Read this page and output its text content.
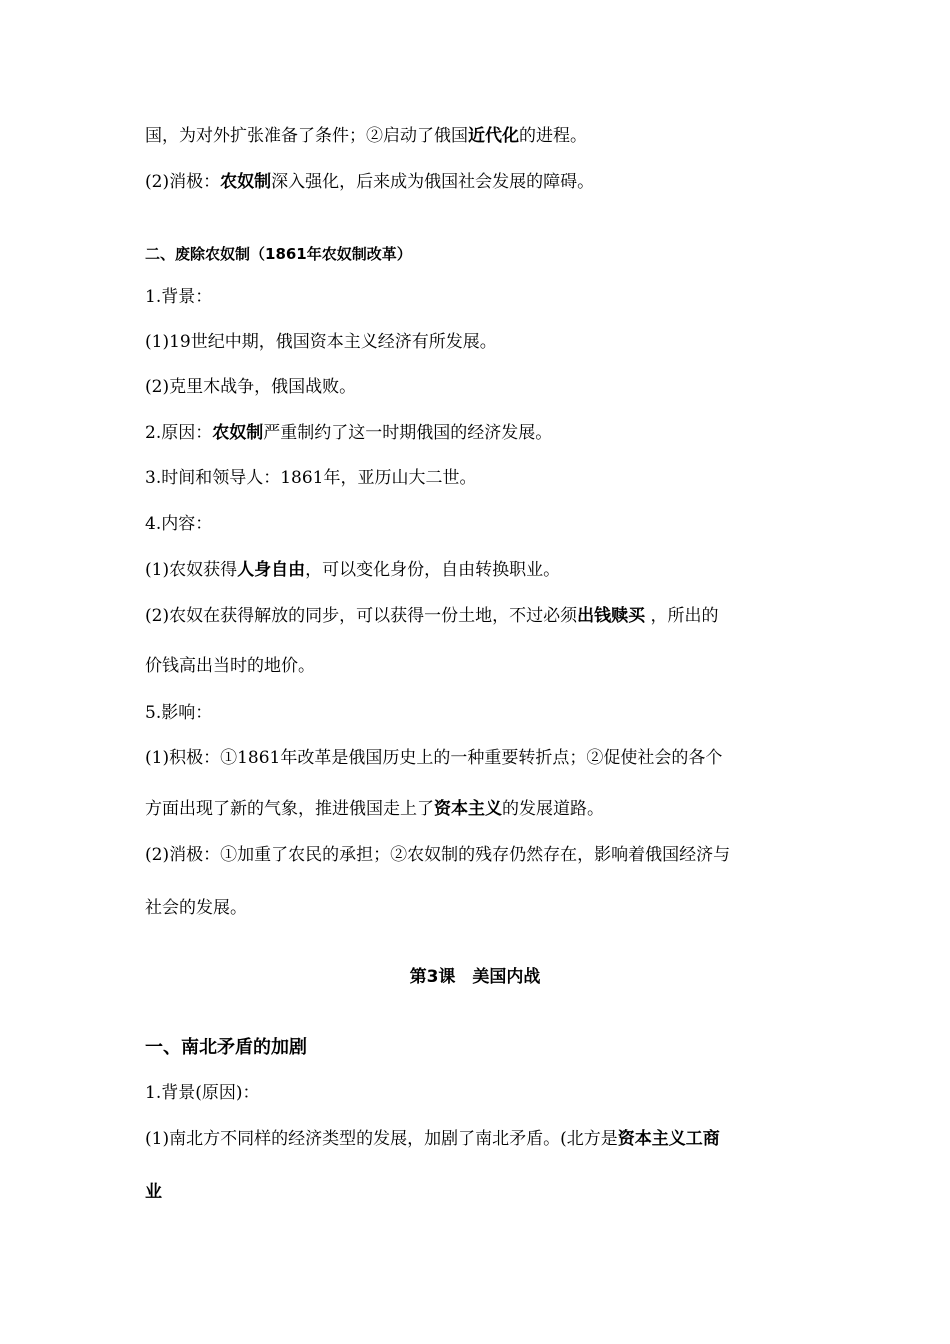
国，为对外扩张准备了条件；②启动了俄国近代化的进程。
(2)消极：农奴制深入强化，后来成为俄国社会发展的障碍。
二、废除农奴制（1861年农奴制改革）
1.背景：
(1)19世纪中期，俄国资本主义经济有所发展。
(2)克里木战争，俄国战败。
2.原因：农奴制严重制约了这一时期俄国的经济发展。
3.时间和领导人：1861年，亚历山大二世。
4.内容：
(1)农奴获得人身自由，可以变化身份，自由转换职业。
(2)农奴在获得解放的同步，可以获得一份土地，不过必须出钱赎买 ，所出的
价钱高出当时的地价。
5.影响：
(1)积极：①1861年改革是俄国历史上的一种重要转折点；②促使社会的各个
方面出现了新的气象，推进俄国走上了资本主义的发展道路。
(2)消极：①加重了农民的承担；②农奴制的残存仍然存在，影响着俄国经济与
社会的发展。
第3课　美国内战
一、南北矛盾的加剧
1.背景(原因)：
(1)南北方不同样的经济类型的发展，加剧了南北矛盾。(北方是资本主义工商
业
